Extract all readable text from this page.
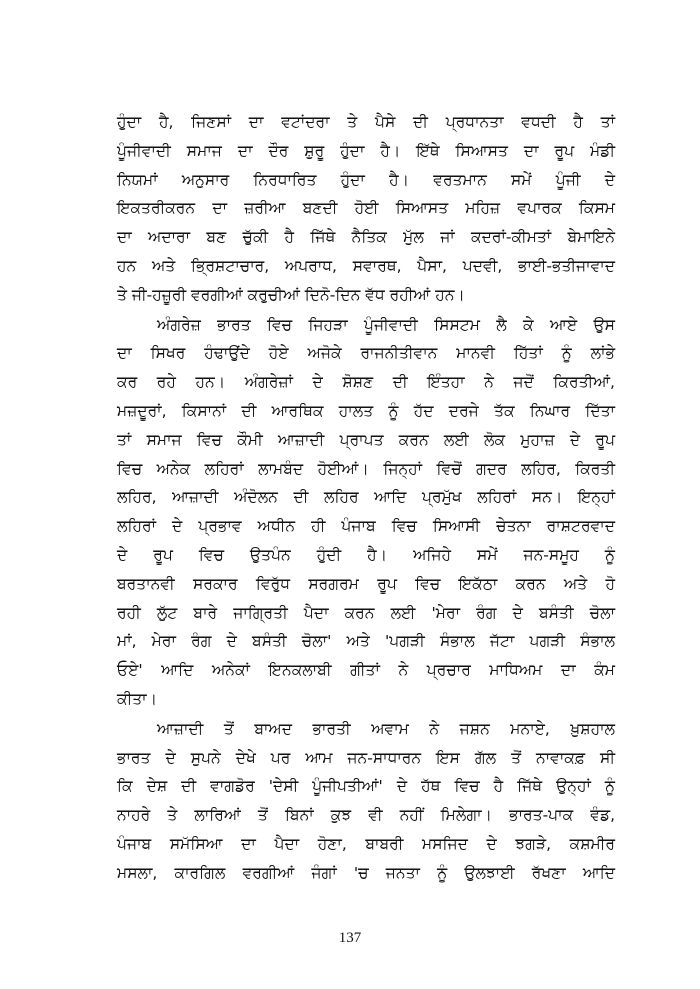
ਹੁੰਦਾ ਹੈ, ਜਿਣਸਾਂ ਦਾ ਵਟਾਂਦਰਾ ਤੇ ਪੈਸੇ ਦੀ ਪ੍ਰਧਾਨਤਾ ਵਧਦੀ ਹੈ ਤਾਂ
ਪੂੰਜੀਵਾਦੀ ਸਮਾਜ ਦਾ ਦੌਰ ਸ਼ੁਰੂ ਹੁੰਦਾ ਹੈ। ਇੱਥੇ ਸਿਆਸਤ ਦਾ ਰੂਪ ਮੰਡੀ
ਨਿਯਮਾਂ ਅਨੁਸਾਰ ਨਿਰਧਾਰਿਤ ਹੁੰਦਾ ਹੈ। ਵਰਤਮਾਨ ਸਮੇਂ ਪੂੰਜੀ ਦੇ
ਇਕਤਰੀਕਰਨ ਦਾ ਜ਼ਰੀਆ ਬਣਦੀ ਹੋਈ ਸਿਆਸਤ ਮਹਿਜ਼ ਵਪਾਰਕ ਕਿਸਮ
ਦਾ ਅਦਾਰਾ ਬਣ ਚੁੱਕੀ ਹੈ ਜਿੱਥੇ ਨੈਤਿਕ ਮੁੱਲ ਜਾਂ ਕਦਰਾਂ-ਕੀਮਤਾਂ ਬੇਮਾਇਨੇ
ਹਨ ਅਤੇ ਭ੍ਰਿਸ਼ਟਾਚਾਰ, ਅਪਰਾਧ, ਸਵਾਰਥ, ਪੈਸਾ, ਪਦਵੀ, ਭਾਈ-ਭਤੀਜਾਵਾਦ
ਤੇ ਜੀ-ਹਜ਼ੂਰੀ ਵਰਗੀਆਂ ਕਰੁਚੀਆਂ ਦਿਨੋ-ਦਿਨ ਵੱਧ ਰਹੀਆਂ ਹਨ।
ਅੰਗਰੇਜ਼ ਭਾਰਤ ਵਿਚ ਜਿਹੜਾ ਪੂੰਜੀਵਾਦੀ ਸਿਸਟਮ ਲੈ ਕੇ ਆਏ ਉਸ
ਦਾ ਸਿਖਰ ਹੰਢਾਉਂਦੇ ਹੋਏ ਅਜੋਕੇ ਰਾਜਨੀਤੀਵਾਨ ਮਾਨਵੀ ਹਿੱਤਾਂ ਨੂੰ ਲਾਂਭੇ
ਕਰ ਰਹੇ ਹਨ। ਅੰਗਰੇਜ਼ਾਂ ਦੇ ਸ਼ੋਸ਼ਣ ਦੀ ਇੰਤਹਾ ਨੇ ਜਦੋਂ ਕਿਰਤੀਆਂ,
ਮਜ਼ਦੂਰਾਂ, ਕਿਸਾਨਾਂ ਦੀ ਆਰਥਿਕ ਹਾਲਤ ਨੂੰ ਹੱਦ ਦਰਜੇ ਤੱਕ ਨਿਘਾਰ ਦਿੱਤਾ
ਤਾਂ ਸਮਾਜ ਵਿਚ ਕੌਮੀ ਆਜ਼ਾਦੀ ਪ੍ਰਾਪਤ ਕਰਨ ਲਈ ਲੋਕ ਮੁਹਾਜ਼ ਦੇ ਰੂਪ
ਵਿਚ ਅਨੇਕ ਲਹਿਰਾਂ ਲਾਮਬੰਦ ਹੋਈਆਂ। ਜਿਨ੍ਹਾਂ ਵਿਚੋਂ ਗਦਰ ਲਹਿਰ, ਕਿਰਤੀ
ਲਹਿਰ, ਆਜ਼ਾਦੀ ਅੰਦੋਲਨ ਦੀ ਲਹਿਰ ਆਦਿ ਪ੍ਰਮੁੱਖ ਲਹਿਰਾਂ ਸਨ। ਇਨ੍ਹਾਂ
ਲਹਿਰਾਂ ਦੇ ਪ੍ਰਭਾਵ ਅਧੀਨ ਹੀ ਪੰਜਾਬ ਵਿਚ ਸਿਆਸੀ ਚੇਤਨਾ ਰਾਸ਼ਟਰਵਾਦ
ਦੇ ਰੂਪ ਵਿਚ ਉਤਪੰਨ ਹੁੰਦੀ ਹੈ। ਅਜਿਹੇ ਸਮੇਂ ਜਨ-ਸਮੂਹ ਨੂੰ
ਬਰਤਾਨਵੀ ਸਰਕਾਰ ਵਿਰੁੱਧ ਸਰਗਰਮ ਰੂਪ ਵਿਚ ਇਕੱਠਾ ਕਰਨ ਅਤੇ ਹੋ
ਰਹੀ ਲੁੱਟ ਬਾਰੇ ਜਾਗ੍ਰਿਤੀ ਪੈਦਾ ਕਰਨ ਲਈ 'ਮੇਰਾ ਰੰਗ ਦੇ ਬਸੰਤੀ ਚੋਲਾ
ਮਾਂ, ਮੇਰਾ ਰੰਗ ਦੇ ਬਸੰਤੀ ਚੋਲਾ' ਅਤੇ 'ਪਗੜੀ ਸੰਭਾਲ ਜੱਟਾ ਪਗੜੀ ਸੰਭਾਲ
ਓਏ' ਆਦਿ ਅਨੇਕਾਂ ਇਨਕਲਾਬੀ ਗੀਤਾਂ ਨੇ ਪ੍ਰਚਾਰ ਮਾਧਿਅਮ ਦਾ ਕੰਮ
ਕੀਤਾ।
ਆਜ਼ਾਦੀ ਤੋਂ ਬਾਅਦ ਭਾਰਤੀ ਅਵਾਮ ਨੇ ਜਸ਼ਨ ਮਨਾਏ, ਖ਼ੁਸ਼ਹਾਲ
ਭਾਰਤ ਦੇ ਸੁਪਨੇ ਦੇਖੇ ਪਰ ਆਮ ਜਨ-ਸਾਧਾਰਨ ਇਸ ਗੱਲ ਤੋਂ ਨਾਵਾਕਫ਼ ਸੀ
ਕਿ ਦੇਸ਼ ਦੀ ਵਾਗਡੋਰ 'ਦੇਸੀ ਪੂੰਜੀਪਤੀਆਂ' ਦੇ ਹੱਥ ਵਿਚ ਹੈ ਜਿੱਥੇ ਉਨ੍ਹਾਂ ਨੂੰ
ਨਾਹਰੇ ਤੇ ਲਾਰਿਆਂ ਤੋਂ ਬਿਨਾਂ ਕੁਝ ਵੀ ਨਹੀਂ ਮਿਲੇਗਾ। ਭਾਰਤ-ਪਾਕ ਵੰਡ,
ਪੰਜਾਬ ਸਮੱਸਿਆ ਦਾ ਪੈਦਾ ਹੋਣਾ, ਬਾਬਰੀ ਮਸਜਿਦ ਦੇ ਝਗੜੇ, ਕਸ਼ਮੀਰ
ਮਸਲਾ, ਕਾਰਗਿਲ ਵਰਗੀਆਂ ਜੰਗਾਂ 'ਚ ਜਨਤਾ ਨੂੰ ਉਲਝਾਈ ਰੱਖਣਾ ਆਦਿ
137
